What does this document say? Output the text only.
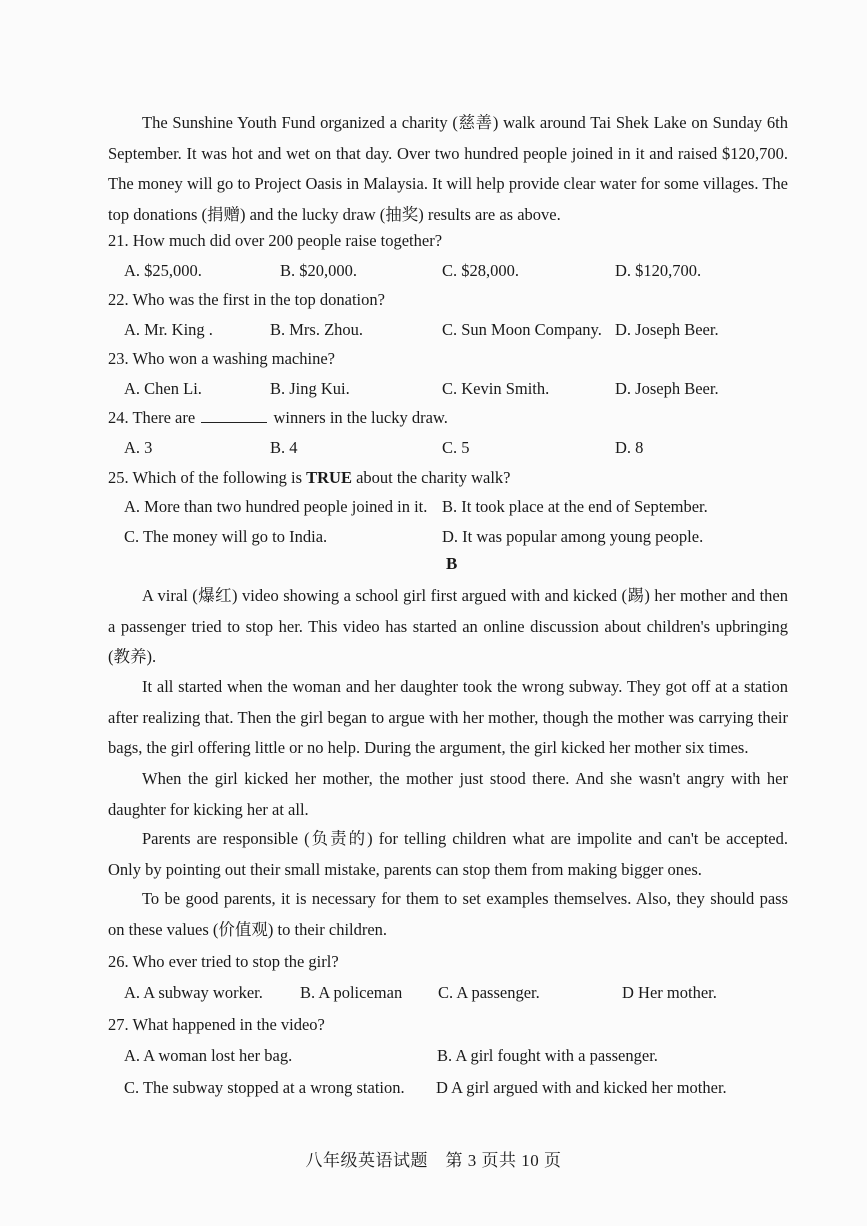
The Sunshine Youth Fund organized a charity (慈善) walk around Tai Shek Lake on Sunday 6th September. It was hot and wet on that day. Over two hundred people joined in it and raised $120,700. The money will go to Project Oasis in Malaysia. It will help provide clear water for some villages. The top donations (捐赠) and the lucky draw (抽奖) results are as above.

21. How much did over 200 people raise together?
A. $25,000.	B. $20,000.	C. $28,000.	D. $120,700.
22. Who was the first in the top donation?
A. Mr. King .	B. Mrs. Zhou.	C. Sun Moon Company. D. Joseph Beer.
23. Who won a washing machine?
A. Chen Li.	B. Jing Kui.	C. Kevin Smith.	D. Joseph Beer.
24. There are	winners in the lucky draw.
A. 3	B. 4	C. 5	D. 8
25. Which of the following is TRUE about the charity walk?
A. More than two hundred people joined in it. B. It took place at the end of September.
C. The money will go to India.	D. It was popular among young people.
B

A viral (爆红) video showing a school girl first argued with and kicked (踢) her mother and then a passenger tried to stop her. This video has started an online discussion about children's upbringing (教养).

It all started when the woman and her daughter took the wrong subway. They got off at a station after realizing that. Then the girl began to argue with her mother, though the mother was carrying their bags, the girl offering little or no help. During the argument, the girl kicked her mother six times.

When the girl kicked her mother, the mother just stood there. And she wasn't angry with her daughter for kicking her at all.

Parents are responsible (负责的) for telling children what are impolite and can't be accepted. Only by pointing out their small mistake, parents can stop them from making bigger ones.

To be good parents, it is necessary for them to set examples themselves. Also, they should pass on these values (价值观) to their children.

26. Who ever tried to stop the girl?
A. A subway worker. B. A policeman C. A passenger.	D Her mother.
27. What happened in the video?
A. A woman lost her bag.	B. A girl fought with a passenger.
C. The subway stopped at a wrong station. D A girl argued with and kicked her mother.
八年级英语试题　第 3 页共 10 页
